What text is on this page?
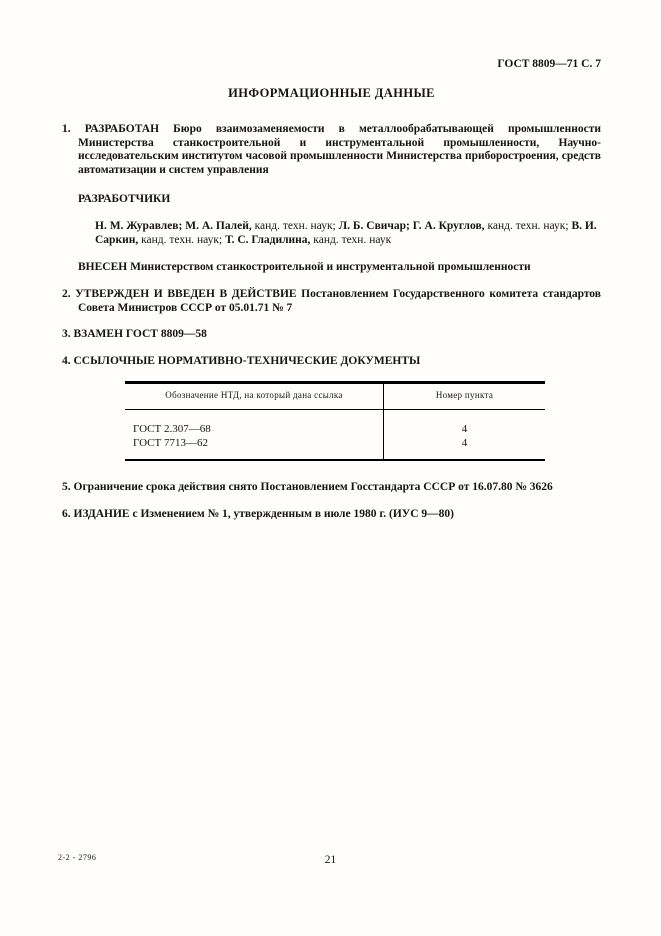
ГОСТ 8809—71 С. 7
ИНФОРМАЦИОННЫЕ ДАННЫЕ

1. РАЗРАБОТАН Бюро взаимозаменяемости в металлообрабатывающей промышленности Министерства станкостроительной и инструментальной промышленности, Научно-исследовательским институтом часовой промышленности Министерства приборостроения, средств автоматизации и систем управления

РАЗРАБОТЧИКИ

Н. М. Журавлев; М. А. Палей, канд. техн. наук; Л. Б. Свичар; Г. А. Круглов, канд. техн. наук; В. И. Саркин, канд. техн. наук; Т. С. Гладилина, канд. техн. наук

ВНЕСЕН Министерством станкостроительной и инструментальной промышленности

2. УТВЕРЖДЕН И ВВЕДЕН В ДЕЙСТВИЕ Постановлением Государственного комитета стандартов Совета Министров СССР от 05.01.71 № 7

3. ВЗАМЕН ГОСТ 8809—58

4. ССЫЛОЧНЫЕ НОРМАТИВНО-ТЕХНИЧЕСКИЕ ДОКУМЕНТЫ

Обозначение НТД, на который дана ссылка	Номер пункта
ГОСТ 2.307—68	4
ГОСТ 7713—62	4

5. Ограничение срока действия снято Постановлением Госстандарта СССР от 16.07.80 № 3626

6. ИЗДАНИЕ с Изменением № 1, утвержденным в июле 1980 г. (ИУС 9—80)

2-2 - 2796	21
